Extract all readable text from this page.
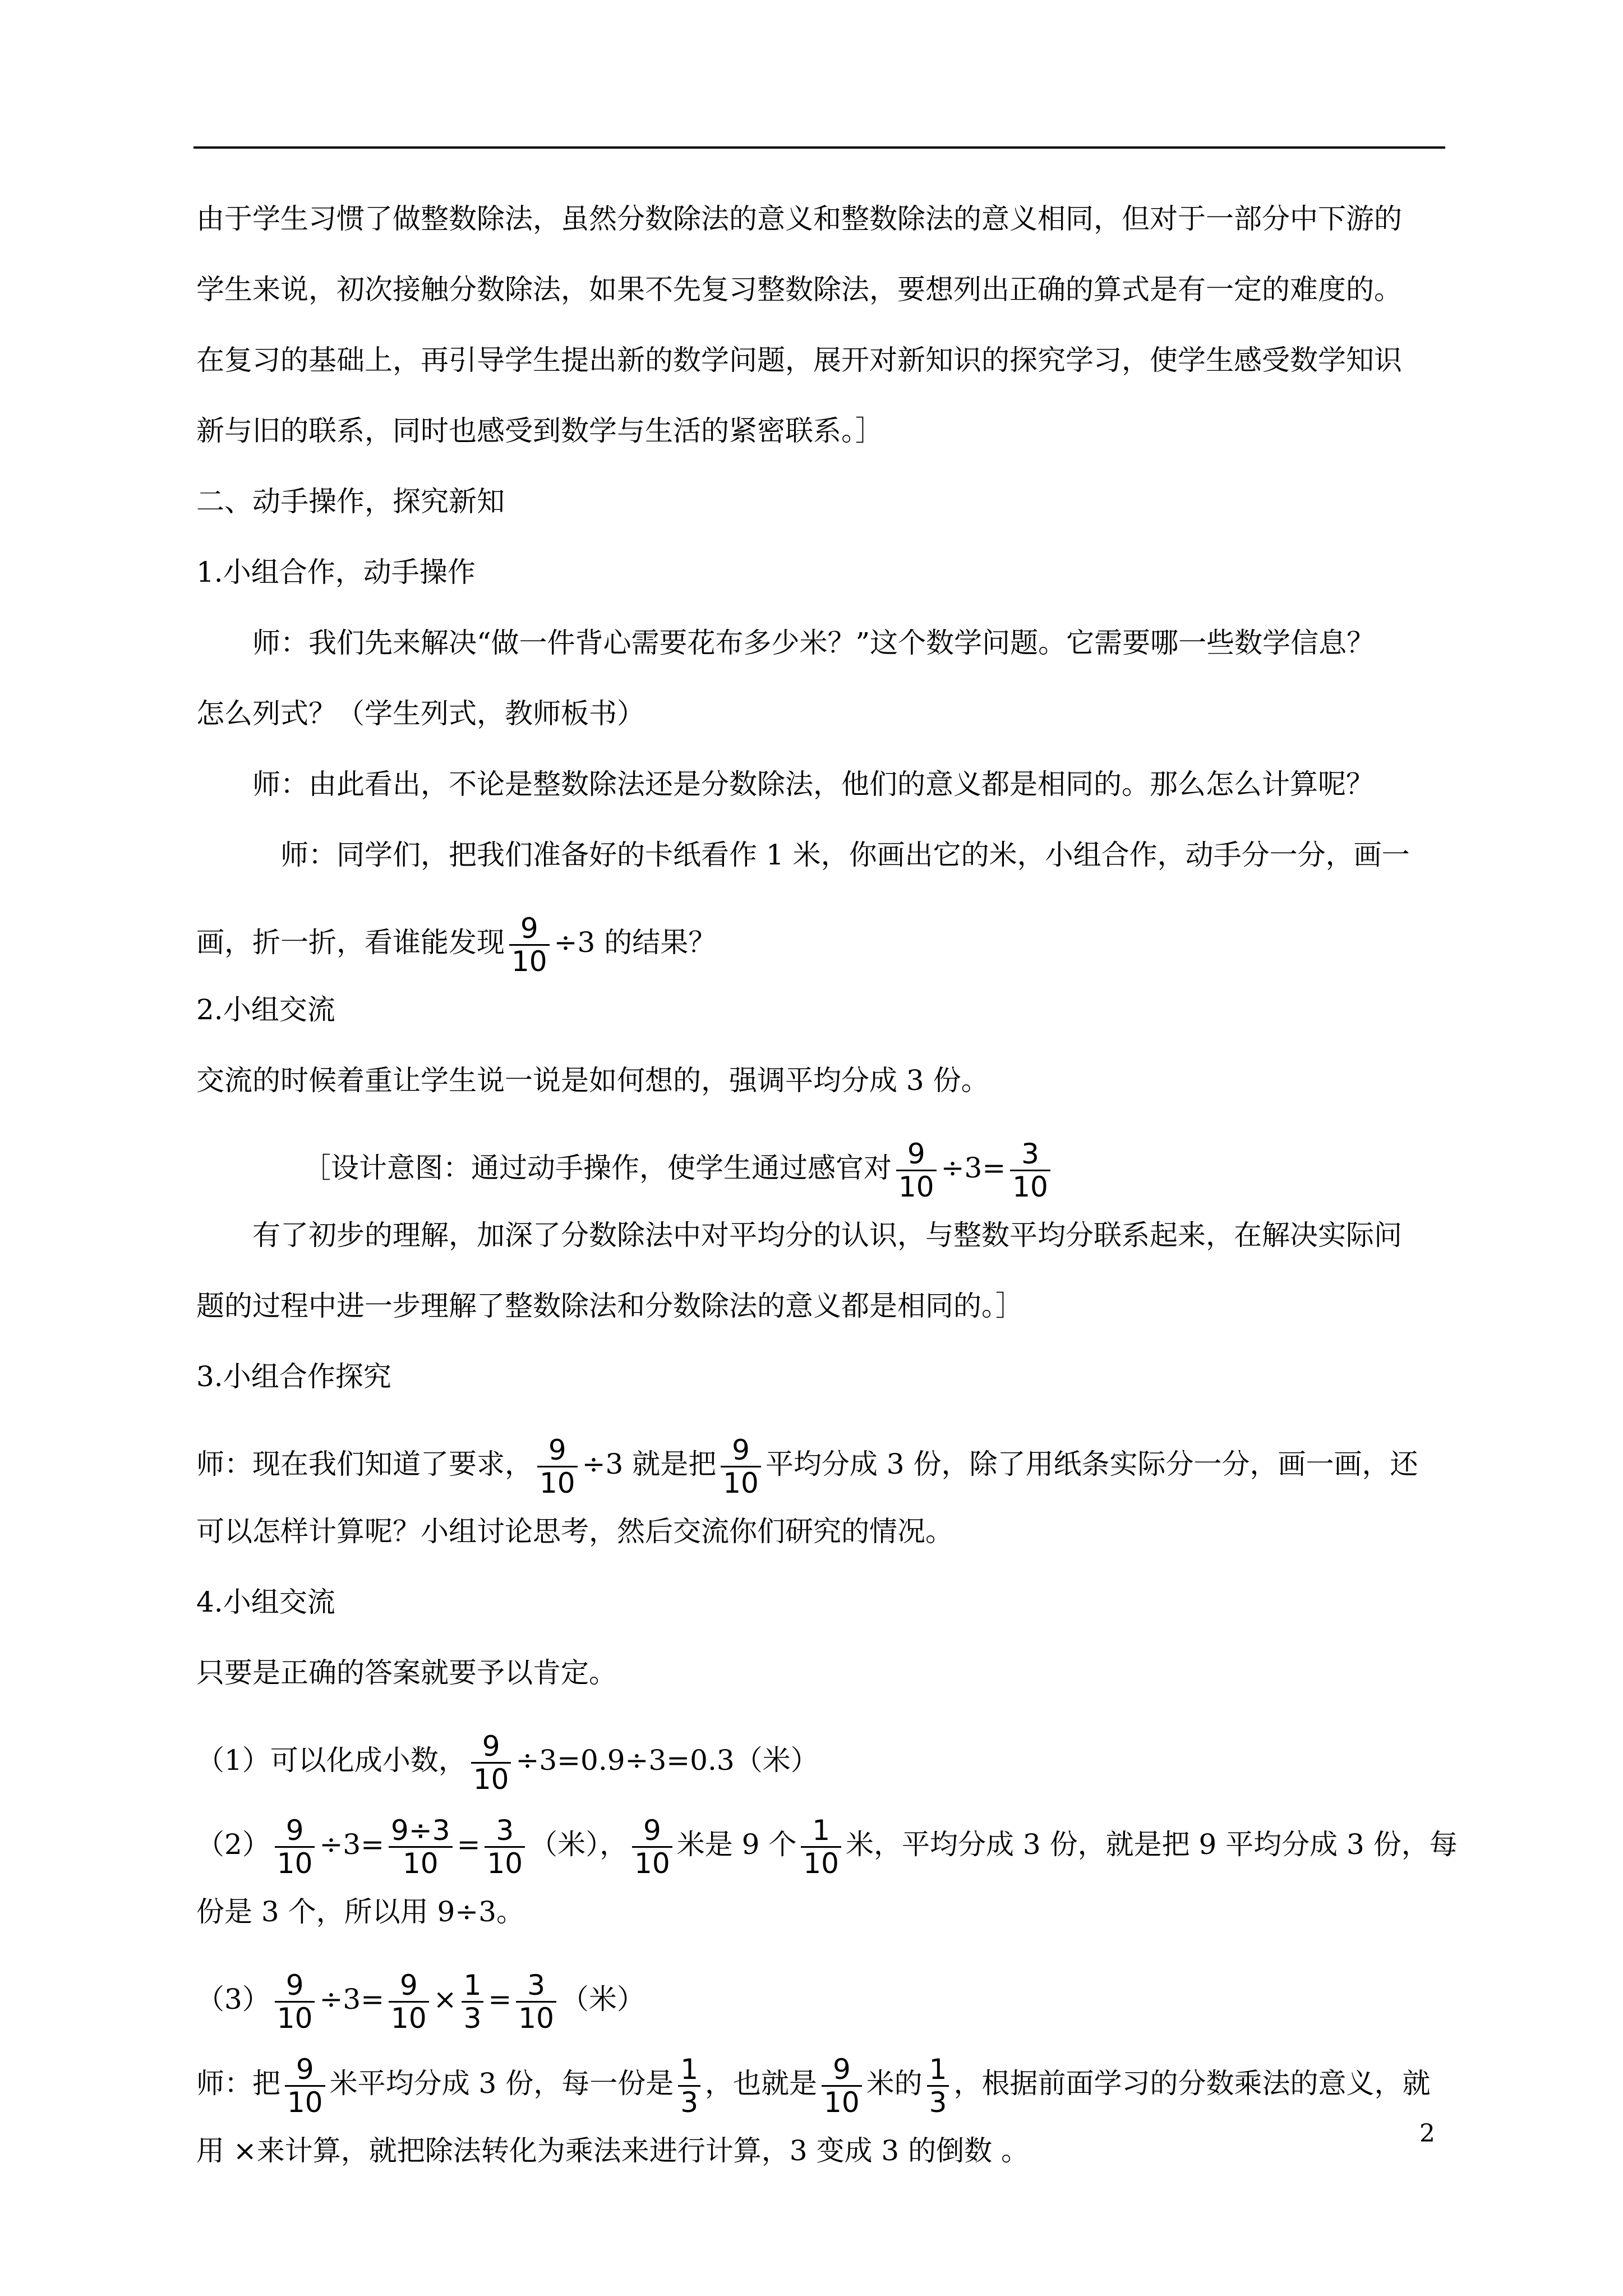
由于学生习惯了做整数除法，虽然分数除法的意义和整数除法的意义相同，但对于一部分中下游的
学生来说，初次接触分数除法，如果不先复习整数除法，要想列出正确的算式是有一定的难度的。
在复习的基础上，再引导学生提出新的数学问题，展开对新知识的探究学习，使学生感受数学知识
新与旧的联系，同时也感受到数学与生活的紧密联系。］
二、动手操作，探究新知
1.小组合作，动手操作
师：我们先来解决“做一件背心需要花布多少米？”这个数学问题。它需要哪一些数学信息？
怎么列式？（学生列式，教师板书）
师：由此看出，不论是整数除法还是分数除法，他们的意义都是相同的。那么怎么计算呢？
师：同学们，把我们准备好的卡纸看作 1 米，你画出它的米，小组合作，动手分一分，画一
画，折一折，看谁能发现 $\frac{9}{10} \div 3$ 的结果？
2.小组交流
交流的时候着重让学生说一说是如何想的，强调平均分成 3 份。
［设计意图：通过动手操作，使学生通过感官对 $\frac{9}{10} \div 3= \frac{3}{10}$
有了初步的理解，加深了分数除法中对平均分的认识，与整数平均分联系起来，在解决实际问
题的过程中进一步理解了整数除法和分数除法的意义都是相同的。］
3.小组合作探究
师：现在我们知道了要求， $\frac{9}{10} \div 3$ 就是把 $\frac{9}{10}$ 平均分成 3 份，除了用纸条实际分一分，画一画，还
可以怎样计算呢？小组讨论思考，然后交流你们研究的情况。
4.小组交流
只要是正确的答案就要予以肯定。
（1）可以化成小数， $\frac{9}{10} \div 3=0.9\div 3=0.3$（米）
$(2) \frac{9}{10} \div 3= \frac{9\div 3}{10} = \frac{3}{10}$ （米）， $\frac{9}{10}$ 米是 9 个 $\frac{1}{10}$ 米，平均分成 3 份，就是把 9 平均分成 3 份，每
份是 3 个，所以用 9÷3。
$(3) \frac{9}{10} \div 3= \frac{9}{10} \times \frac{1}{3} = \frac{3}{10}$ （米）
师：把 $\frac{9}{10}$ 米平均分成 3 份，每一份是 $\frac{1}{3}$ ，也就是 $\frac{9}{10}$ 米的 $\frac{1}{3}$ ，根据前面学习的分数乘法的意义，就
用 ×来计算，就把除法转化为乘法来进行计算，3 变成 3 的倒数 。
2
